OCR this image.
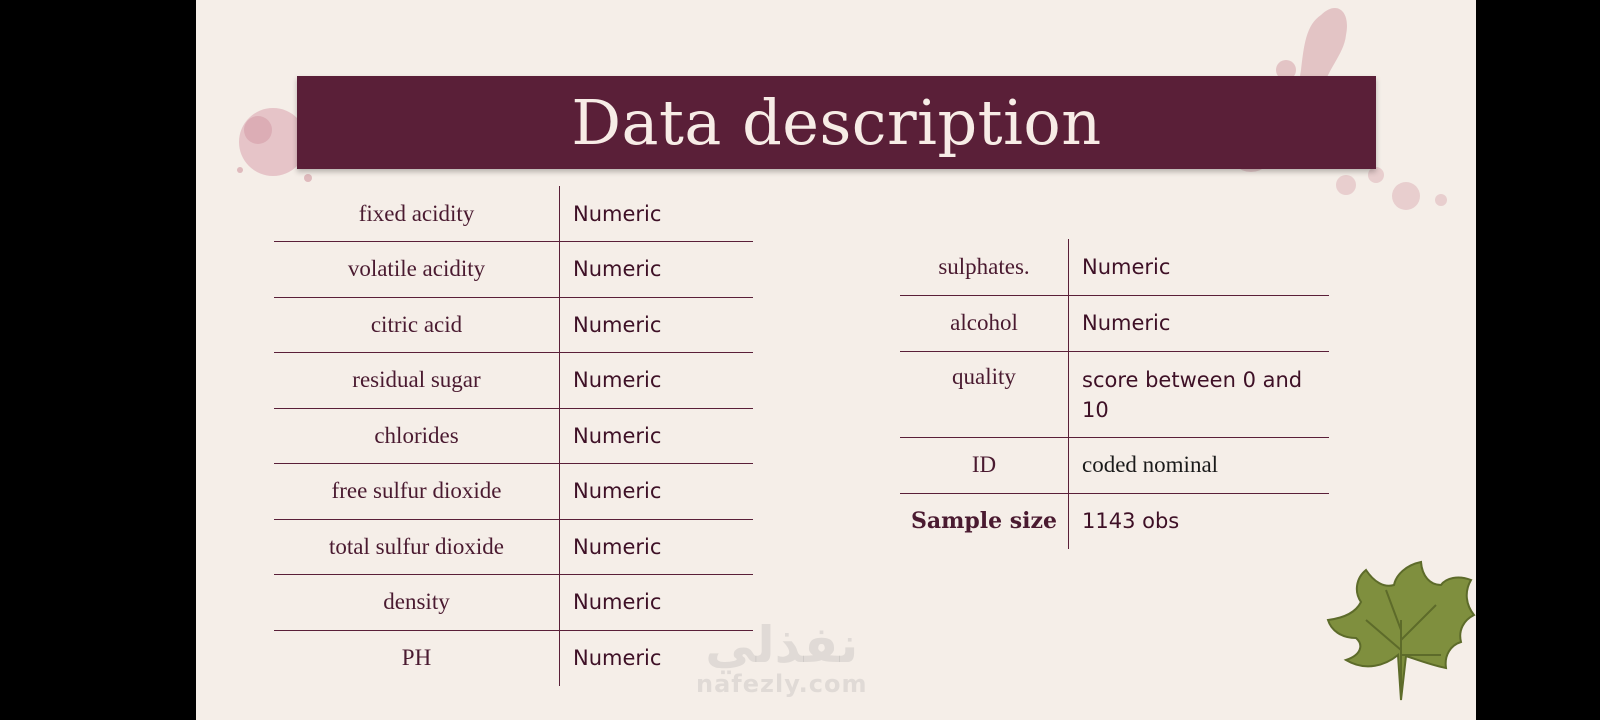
Data description
fixed acidity	Numeric
volatile acidity	Numeric
citric acid	Numeric
residual sugar	Numeric
chlorides	Numeric
free sulfur dioxide	Numeric
total sulfur dioxide	Numeric
density	Numeric
PH	Numeric
sulphates.	Numeric
alcohol	Numeric
quality	score between 0 and 10
ID	coded nominal
Sample size	1143 obs
نفذلي
nafezly.com
